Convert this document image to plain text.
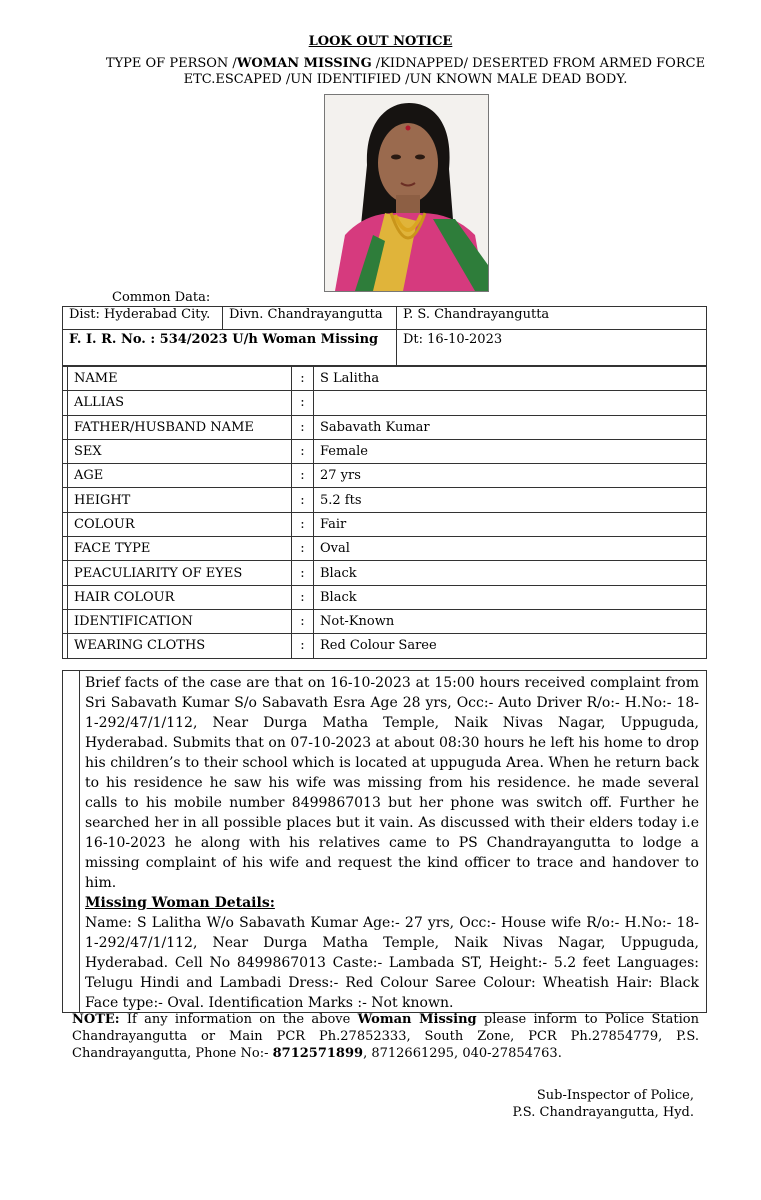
LOOK OUT NOTICE
TYPE OF PERSON /WOMAN MISSING /KIDNAPPED/ DESERTED FROM ARMED FORCE ETC.ESCAPED /UN IDENTIFIED /UN KNOWN MALE DEAD BODY.
Common Data:
Dist: Hyderabad City.	Divn. Chandrayangutta	P. S. Chandrayangutta
F. I. R. No. : 534/2023 U/h Woman Missing		Dt: 16-10-2023
	NAME	:	S Lalitha
	ALLIAS	:	
	FATHER/HUSBAND NAME	:	Sabavath Kumar
	SEX	:	Female
	AGE	:	27 yrs
	HEIGHT	:	5.2 fts
	COLOUR	:	Fair
	FACE TYPE	:	Oval
	PEACULIARITY OF EYES	:	Black
	HAIR COLOUR	:	Black
	IDENTIFICATION	:	Not-Known
	WEARING CLOTHS	:	Red Colour Saree

Brief facts of the case are that on 16-10-2023 at 15:00 hours received complaint from Sri Sabavath Kumar S/o Sabavath Esra Age 28 yrs, Occ:- Auto Driver R/o:- H.No:- 18-1-292/47/1/112, Near Durga Matha Temple, Naik Nivas Nagar, Uppuguda, Hyderabad. Submits that on 07-10-2023 at about 08:30 hours he left his home to drop his children’s to their school which is located at uppuguda Area. When he return back to his residence he saw his wife was missing from his residence. he made several calls to his mobile number 8499867013 but her phone was switch off. Further he searched her in all possible places but it vain. As discussed with their elders today i.e 16-10-2023 he along with his relatives came to PS Chandrayangutta to lodge a missing complaint of his wife and request the kind officer to trace and handover to him.

Missing Woman Details:

Name: S Lalitha W/o Sabavath Kumar Age:- 27 yrs, Occ:- House wife R/o:- H.No:- 18-1-292/47/1/112, Near Durga Matha Temple, Naik Nivas Nagar, Uppuguda, Hyderabad. Cell No 8499867013 Caste:- Lambada ST, Height:- 5.2 feet Languages: Telugu Hindi and Lambadi Dress:- Red Colour Saree Colour: Wheatish Hair: Black Face type:- Oval. Identification Marks :- Not known.

NOTE: If any information on the above Woman Missing please inform to Police Station Chandrayangutta or Main PCR Ph.27852333, South Zone, PCR Ph.27854779, P.S. Chandrayangutta, Phone No:- 8712571899, 8712661295, 040-27854763.
Sub-Inspector of Police,
P.S. Chandrayangutta, Hyd.
